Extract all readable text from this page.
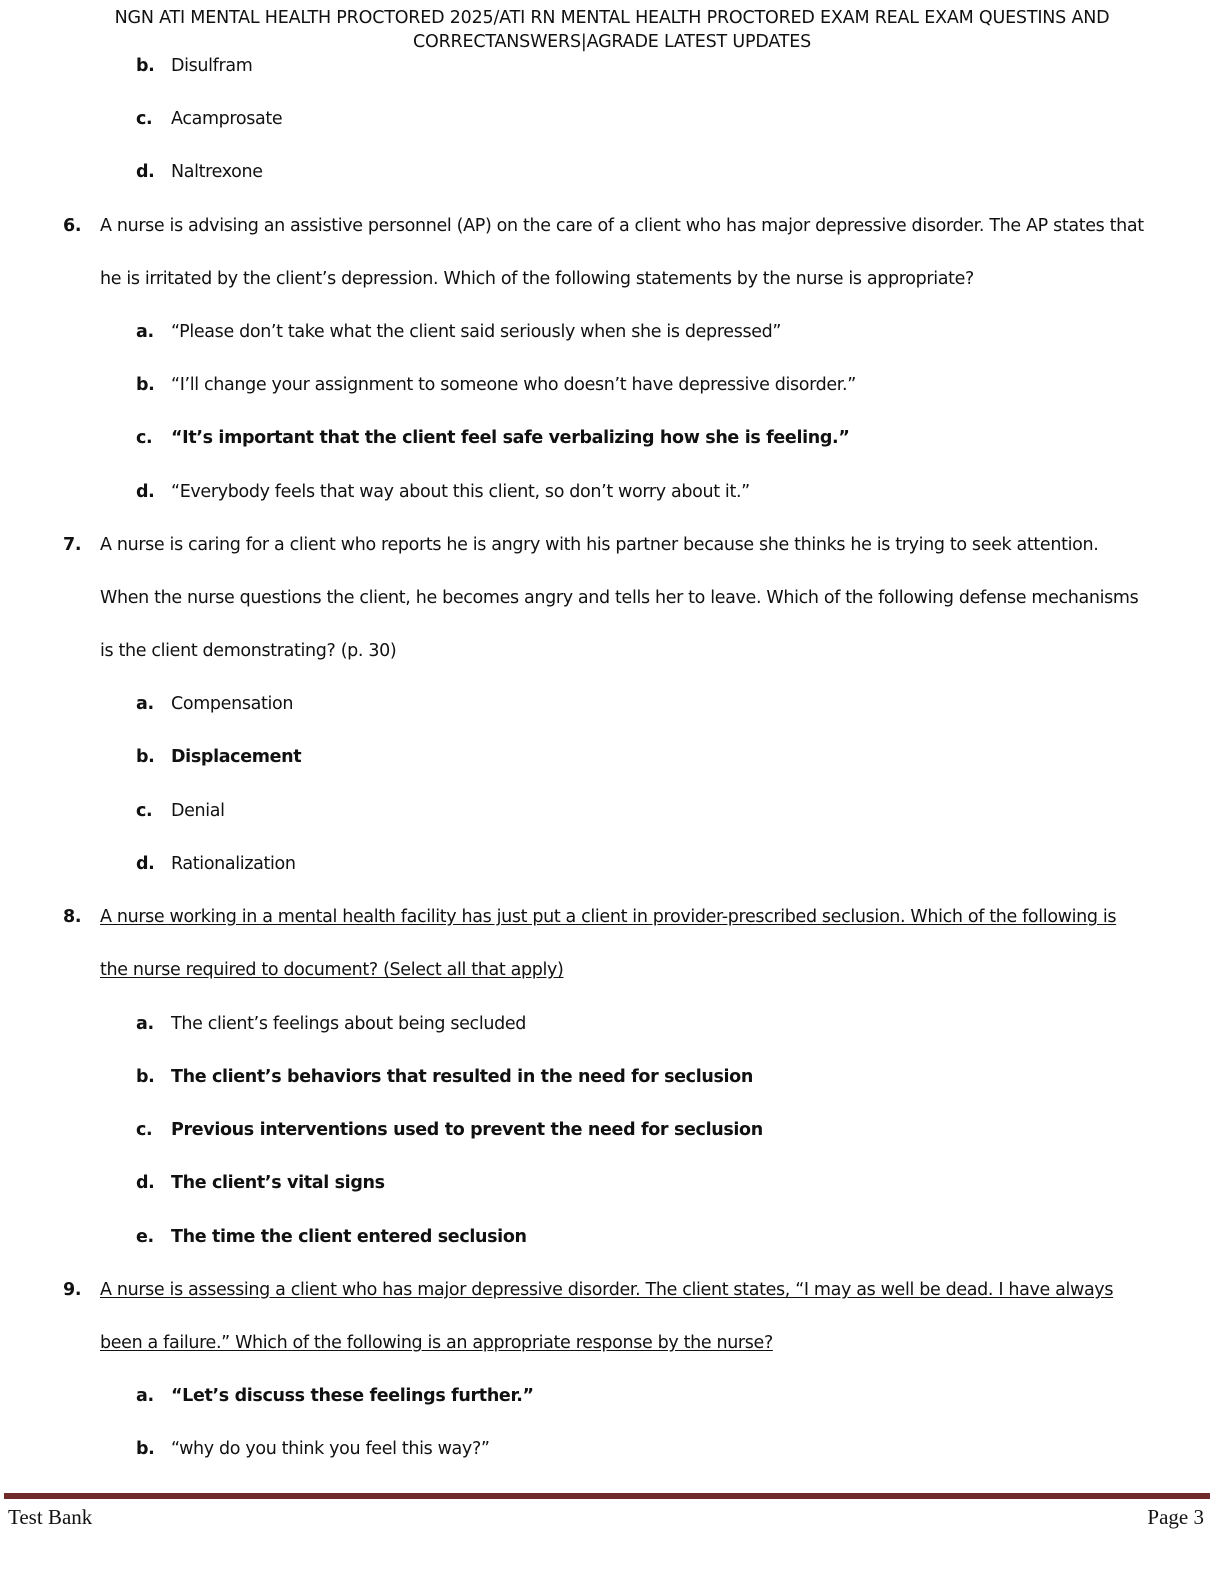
NGN ATI MENTAL HEALTH PROCTORED 2025/ATI RN MENTAL HEALTH PROCTORED EXAM REAL EXAM QUESTINS AND
CORRECTANSWERS|AGRADE LATEST UPDATES
b. Disulfram
c. Acamprosate
d. Naltrexone
6. A nurse is advising an assistive personnel (AP) on the care of a client who has major depressive disorder. The AP states that
he is irritated by the client’s depression. Which of the following statements by the nurse is appropriate?
a. “Please don’t take what the client said seriously when she is depressed”
b. “I’ll change your assignment to someone who doesn’t have depressive disorder.”
c. “It’s important that the client feel safe verbalizing how she is feeling.”
d. “Everybody feels that way about this client, so don’t worry about it.”
7. A nurse is caring for a client who reports he is angry with his partner because she thinks he is trying to seek attention.
When the nurse questions the client, he becomes angry and tells her to leave. Which of the following defense mechanisms
is the client demonstrating? (p. 30)
a. Compensation
b. Displacement
c. Denial
d. Rationalization
8. A nurse working in a mental health facility has just put a client in provider-prescribed seclusion. Which of the following is
the nurse required to document? (Select all that apply)
a. The client’s feelings about being secluded
b. The client’s behaviors that resulted in the need for seclusion
c. Previous interventions used to prevent the need for seclusion
d. The client’s vital signs
e. The time the client entered seclusion
9. A nurse is assessing a client who has major depressive disorder. The client states, “I may as well be dead. I have always
been a failure.” Which of the following is an appropriate response by the nurse?
a. “Let’s discuss these feelings further.”
b. “why do you think you feel this way?”
Test Bank	Page 3
